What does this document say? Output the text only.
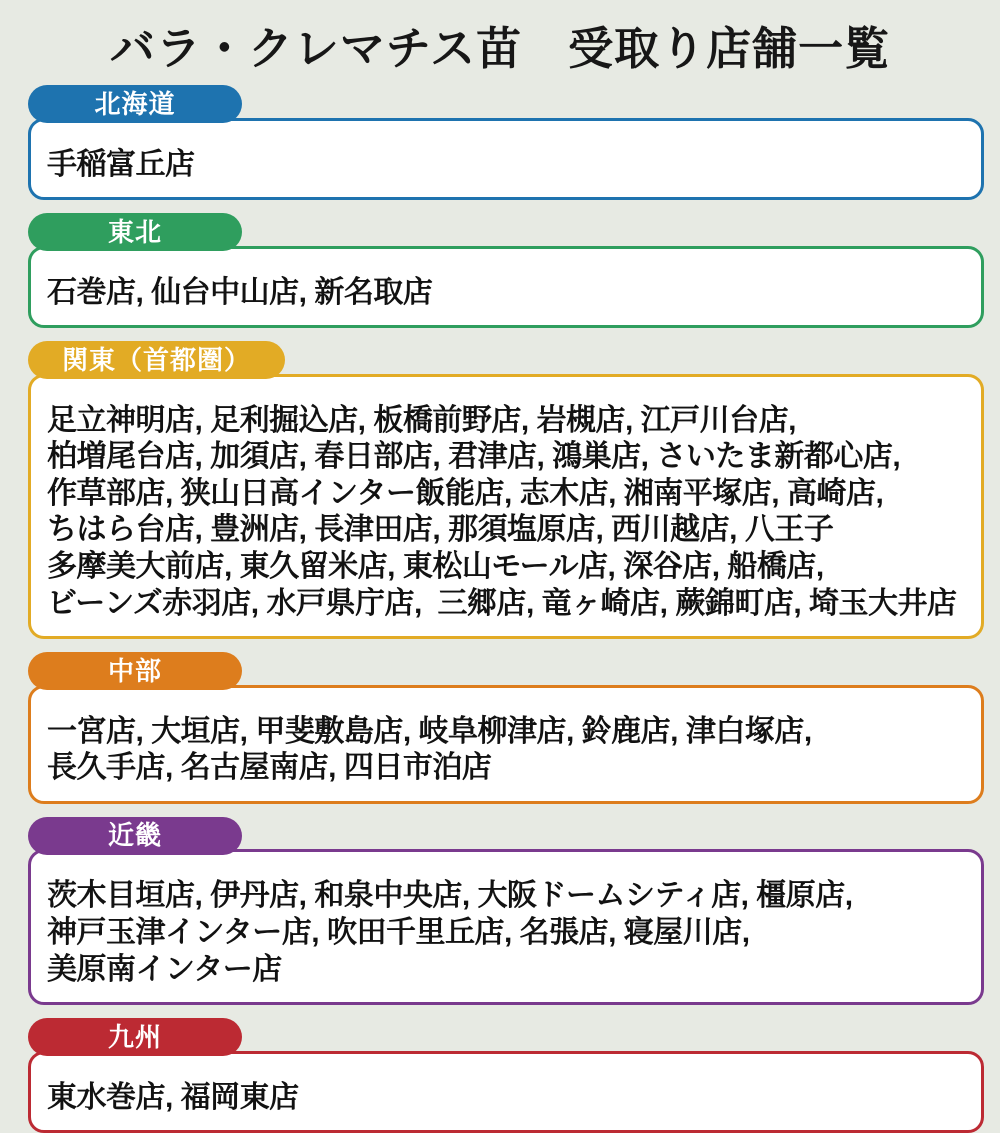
バラ・クレマチス苗　受取り店舗一覧
北海道
手稲富丘店
東北
石巻店, 仙台中山店, 新名取店
関東（首都圏）
足立神明店, 足利掘込店, 板橋前野店, 岩槻店, 江戸川台店,
柏増尾台店, 加須店, 春日部店, 君津店, 鴻巣店, さいたま新都心店,
作草部店, 狭山日高インター飯能店, 志木店, 湘南平塚店, 高崎店,
ちはら台店, 豊洲店, 長津田店, 那須塩原店, 西川越店, 八王子
多摩美大前店, 東久留米店, 東松山モール店, 深谷店, 船橋店,
ビーンズ赤羽店, 水戸県庁店,  三郷店, 竜ヶ崎店, 蕨錦町店, 埼玉大井店
中部
一宮店, 大垣店, 甲斐敷島店, 岐阜柳津店, 鈴鹿店, 津白塚店,
長久手店, 名古屋南店, 四日市泊店
近畿
茨木目垣店, 伊丹店, 和泉中央店, 大阪ドームシティ店, 橿原店,
神戸玉津インター店, 吹田千里丘店, 名張店, 寝屋川店,
美原南インター店
九州
東水巻店, 福岡東店
